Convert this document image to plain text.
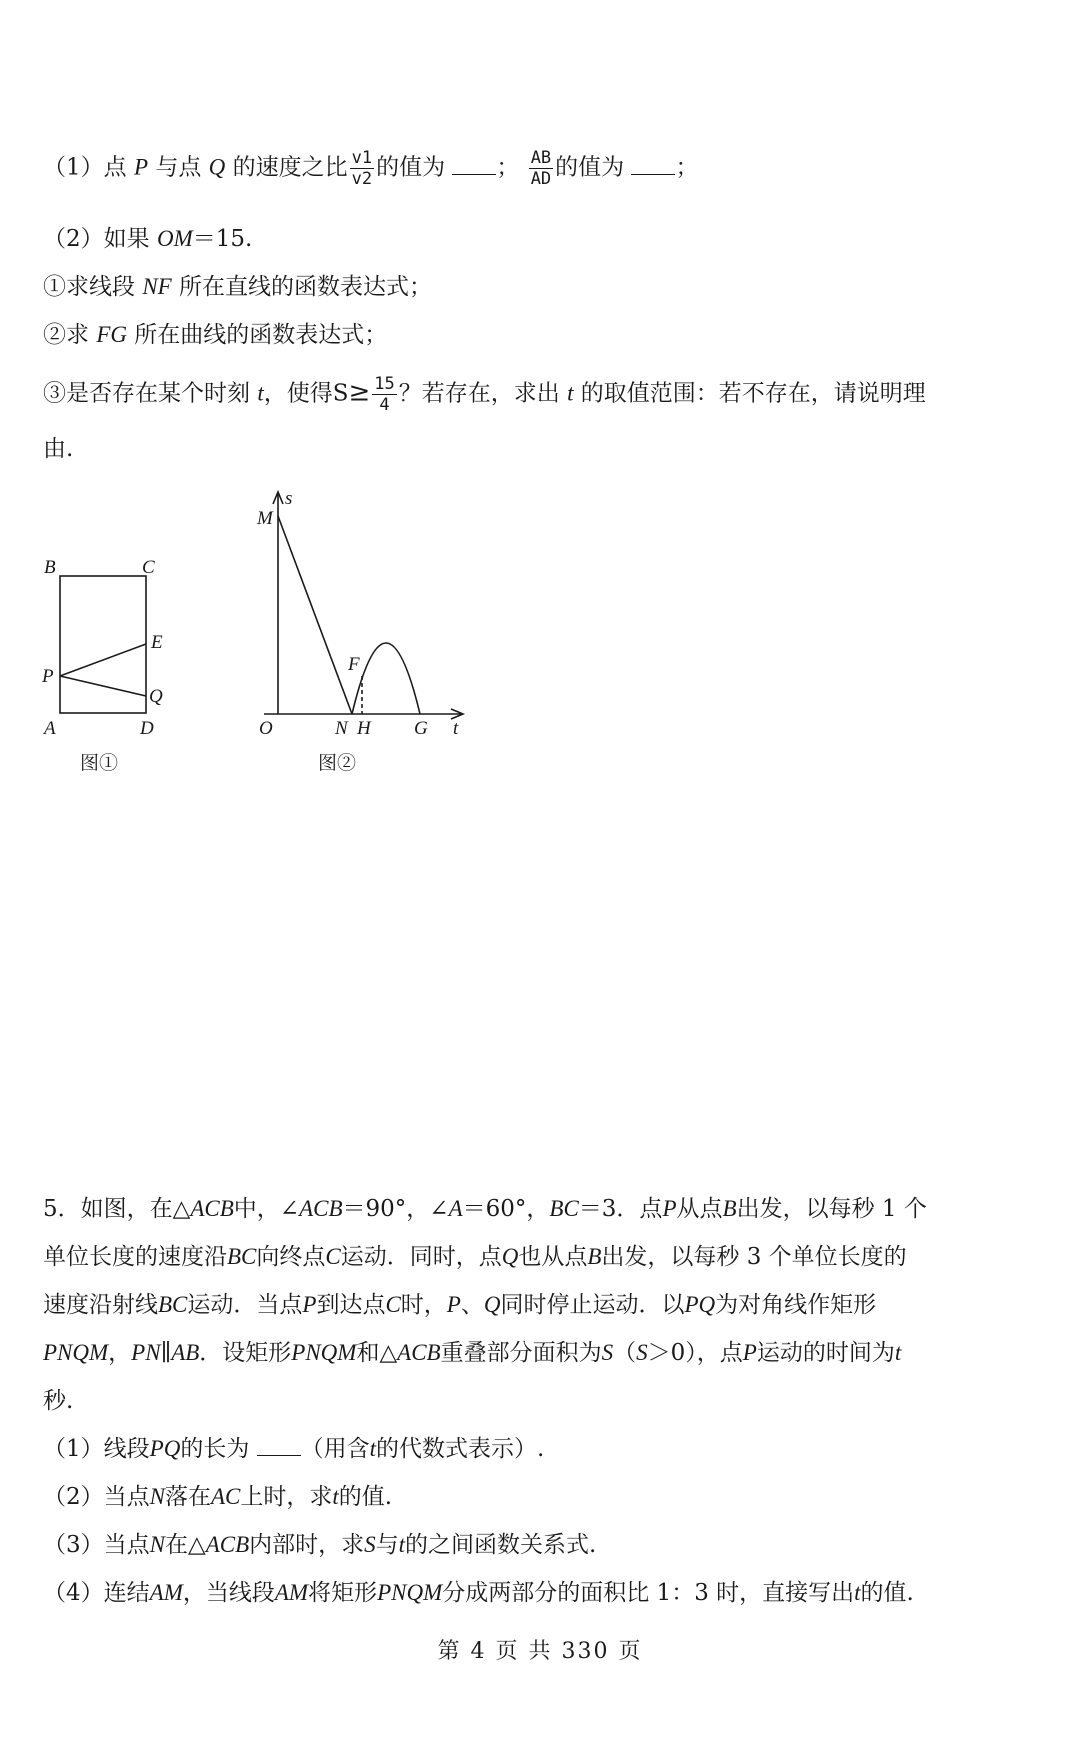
（1）点 P 与点 Q 的速度之比 $\frac{v1}{v2}$ 的值为 ； $\frac{AB}{AD}$ 的值为 ；
（2）如果 OM＝15.
①求线段 NF 所在直线的函数表达式；
②求 FG 所在曲线的函数表达式；
③是否存在某个时刻 t，使得$S\ge \frac{15}{4}$ ？若存在，求出 t 的取值范围：若不存在，请说明理
由.
B	C
E
P
Q
A	D
图①
M
s
F
O	N H G t
图②
5．如图，在△ACB中，∠ACB＝90°，∠A＝60°，BC＝3．点P从点B出发，以每秒 1 个
单位长度的速度沿BC向终点C运动．同时，点Q也从点B出发，以每秒 3 个单位长度的
速度沿射线BC运动．当点P到达点C时，P、Q同时停止运动．以PQ为对角线作矩形
PNQM，PN∥AB．设矩形PNQM和△ACB重叠部分面积为S（S＞0），点P运动的时间为t
秒.
（1）线段PQ的长为 （用含t的代数式表示）.
（2）当点N落在AC上时，求t的值.
（3）当点N在△ACB内部时，求S与t的之间函数关系式.
（4）连结AM，当线段AM将矩形PNQM分成两部分的面积比 1：3 时，直接写出t的值.
第 4 页 共 330 页
